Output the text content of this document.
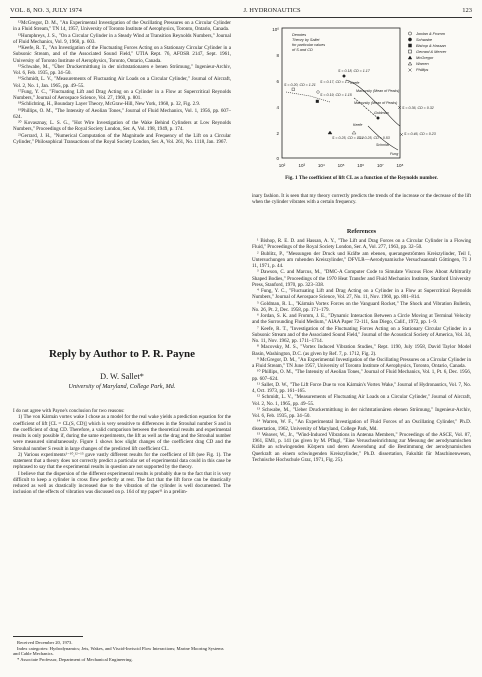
VOL. 8, NO. 3, JULY 1974	J. HYDRONAUTICS	123

¹²McGregor, D. M., "An Experimental Investigation of the Oscillating Pressures on a Circular Cylinder in a Fluid Stream," TN 14, 1957, University of Toronto Institute of Aerophysics, Toronto, Ontario, Canada.

¹³Humphreys, J. S., "On a Circular Cylinder in a Steady Wind at Transition Reynolds Numbers," Journal of Fluid Mechanics, Vol. 9, 1960, p. 603.

¹⁴Keefe, R. T., "An Investigation of the Fluctuating Forces Acting on a Stationary Circular Cylinder in a Subsonic Stream, and of the Associated Sound Field," UTIA Rept. 76, AFOSR 2147, Sept. 1961, University of Toronto Institute of Aerophysics, Toronto, Ontario, Canada.

¹⁵Schwabe, M., "Über Druckermittlung in der nichtstationaren e benen Strömung," Ingenieur-Archiv, Vol. 6, Feb. 1935, pp. 34–50.

¹⁶Schmidt, L. V., "Measurements of Fluctuating Air Loads on a Circular Cylinder," Journal of Aircraft, Vol. 2, No. 1, Jan. 1965, pp. 49–55.

¹⁷Fung, Y. C., "Fluctuating Lift and Drag Acting on a Cylinder in a Flow at Supercritical Reynolds Numbers," Journal of Aerospace Science, Vol. 27, 1960, p. 801.

¹⁸Schlichting, H., Boundary Layer Theory, McGraw-Hill, New York, 1968, p. 32, Fig. 2.9.

¹⁹Phillips, O. M., "The Intensity of Aeolian Tones," Journal of Fluid Mechanics, Vol. 1, 1956, pp. 607–624.

²⁰ Kovasznay, L. S. G., "Hot Wire Investigation of the Wake Behind Cylinders at Low Reynolds Numbers," Proceedings of the Royal Society London, Ser. A, Vol. 198, 1949, p. 174.

²¹Gerrard, J. H., "Numerical Computation of the Magnitude and Frequency of the Lift on a Circular Cylinder," Philosophical Transactions of the Royal Society London, Ser. A, Vol. 261, No. 1118, Jan. 1967.

Reply by Author to P. R. Payne
D. W. Sallet*
University of Maryland, College Park, Md.

I do not agree with Payne's conclusion for two reasons:

1) The von Kármán vortex wake I chose as a model for the real wake yields a prediction equation for the coefficient of lift [CL = CL(S, CD)] which is very sensitive to differences in the Strouhal number S and in the coefficient of drag CD. Therefore, a valid comparison between the theoretical results and experimental results is only possible if, during the same experiments, the lift as well as the drag and the Strouhal number were measured simultaneously. Figure 1 shows how slight changes of the coefficient drag CD and the Strouhal number S result in large changes of the predicted lift coefficient CL.

2) Various experiments¹⁻¹⁰,¹²⁻¹⁵ gave vastly different results for the coefficient of lift (see Fig. 1). The statement that a theory does not correctly predict a particular set of experimental data could in this case be rephrased to say that the experimental results in question are not supported by the theory.

I believe that the dispersion of the different experimental results is probably due to the fact that it is very difficult to keep a cylinder in cross flow perfectly at rest. The fact that the lift force can be drastically reduced as well as drastically increased due to the vibration of the cylinder is well documented. The inclusion of the effects of vibration was discussed on p. 164 of my paper¹¹ in a prelim-

Received December 20, 1973.

Index categories: Hydrodynamics; Jets, Wakes, and Viscid-Inviscid Flow Interactions; Marine Mooring Systems and Cable Mechanics.

* Associate Professor, Department of Mechanical Engineering.

10⁰
8
6
4
2
0
10²	10³	10⁴	10⁵	10⁶	10⁷	10⁸
Denotes
Theory by Sallet
for particular values
of S and CD
Jordan & Fromm
Schwabe
Bishop & Hassan
Gerrard & Mercer
McGregor
Warren
Phillips
S = 0.18, CD = 1.17
Keefe
Macovsky (Mean of Peaks)
S = 0.20, CD = 1.21
S = 0.17, CD = 1.2
S = 0.19, CD = 1.15
Makovsky (Mean of Peaks)
S = 0.36, CD = 0.32
Goldman
S = 0.25, CD = 1.12
S = 0.25, CD = 0.53
S = 0.46, CD = 0.23
Schmidt
Keefe
Fung
Fig. 1 The coefficient of lift CL as a function of the Reynolds number.

inary fashion. It is seen that my theory correctly predicts the trends of the increase or the decrease of the lift when the cylinder vibrates with a certain frequency.

References

¹ Bishop, R. E. D. and Hassan, A. Y., "The Lift and Drag Forces on a Circular Cylinder in a Flowing Fluid," Proceedings of the Royal Society London, Ser. A, Vol. 277, 1963, pp. 32–50.

² Bublitz, P., "Messungen der Druck und Kräfte am ebenen, querangeströmten Kreiszylinder, Teil I, Untersuchungen am ruhenden Kreiszylinder," DFVLR—Aerodynamische Versuchsanstalt Göttingen, 71 J 11, 1971, p. 44.

³ Dawson, C. and Marcus, M., "DMC-A Computer Code to Simulate Viscous Flow About Arbitrarily Shaped Bodies," Proceedings of the 1970 Heat Transfer and Fluid Mechanics Institute, Stanford University Press, Stanford, 1970, pp. 323–338.

⁴ Fung, Y. C., "Fluctuating Lift and Drag Acting on a Cylinder in a Flow at Supercritical Reynolds Numbers," Journal of Aerospace Science, Vol. 27, No. 11, Nov. 1960, pp. 801–814.

⁵ Goldman, R. L., "Kármán Vortex Forces on the Vanguard Rocket," The Shock and Vibration Bulletin, No. 26, Pt. 2, Dec. 1958, pp. 171–179.

⁶ Jordan, S. K. and Fromm, J. E., "Dynamic Interaction Between a Circle Moving at Terminal Velocity and the Surrounding Fluid Medium," AIAA Paper 72-111, San Diego, Calif., 1972, pp. 1–9.

⁷ Keefe, R. T., "Investigation of the Fluctuating Forces Acting on a Stationary Circular Cylinder in a Subsonic Stream and of the Associated Sound Field," Journal of the Acoustical Society of America, Vol. 34, No. 11, Nov. 1962, pp. 1711–1714.

⁸ Macovsky, M. S., "Vortex Induced Vibration Studies," Rept. 1190, July 1958, David Taylor Model Basin, Washington, D.C. (as given by Ref. 7, p. 1712, Fig. 2).

⁹ McGregor, D. M., "An Experimental Investigation of the Oscillating Pressures on a Circular Cylinder in a Fluid Stream," TN June 1957, University of Toronto Institute of Aerophysics, Toronto, Ontario, Canada.

¹⁰ Phillips, O. M., "The Intensity of Aeolian Tones," Journal of Fluid Mechanics, Vol. 1, Pt. 6, Dec. 1956, pp. 607–624.

¹¹ Sallet, D. W., "The Lift Force Due to von Kármán's Vortex Wake," Journal of Hydronautics, Vol. 7, No. 4, Oct. 1973, pp. 161–165.

¹² Schmidt, L. V., "Measurements of Fluctuating Air Loads on a Circular Cylinder," Journal of Aircraft, Vol. 2, No. 1, 1965, pp. 49–55.

¹³ Schwabe, M., "Ueber Druckermittlung in der nichtstationären ebenen Strömung," Ingenieur-Archiv, Vol. 6, Feb. 1935, pp. 34–50.

¹⁴ Warren, W. F., "An Experimental Investigation of Fluid Forces of an Oscillating Cylinder," Ph.D. dissertation, 1962, University of Maryland, College Park, Md.

¹⁵ Weaver, W., Jr., "Wind-Induced Vibrations in Antenna Members," Proceedings of the ASCE, Vol. 87, 1961, EM1, p. 141 (as given by M. Pflugl, "Eine Veruschseinrichtung zur Messung der aerodynamischen Kräfte an schwingenden Körpern und deren Anwendung auf die Bestimmung der aerodynamischen Querkraft an einem schwingenden Kreiszylinder," Ph.D. dissertation, Fakultät für Maschinenwesen, Technische Hochschule Graz, 1971, Fig. 25).
